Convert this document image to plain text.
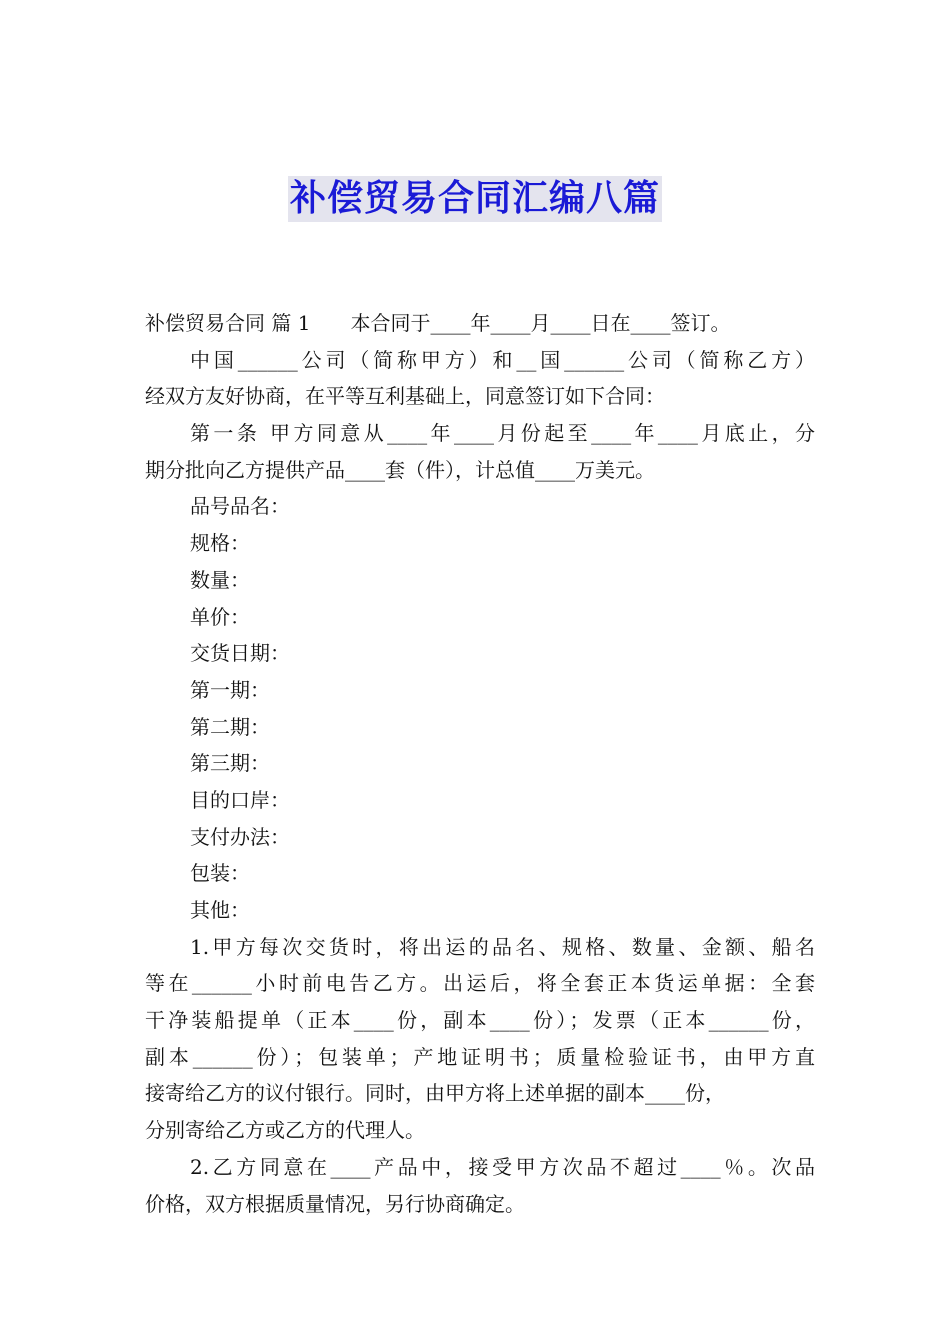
补偿贸易合同汇编八篇
补偿贸易合同 篇 1 本合同于____年____月____日在____签订。
中国______公司（简称甲方）和__国______公司（简称乙方）
经双方友好协商，在平等互利基础上，同意签订如下合同：
第一条 甲方同意从____年____月份起至____年____月底止，分
期分批向乙方提供产品____套（件），计总值____万美元。
品号品名：
规格：
数量：
单价：
交货日期：
第一期：
第二期：
第三期：
目的口岸：
支付办法：
包装：
其他：
1.甲方每次交货时，将出运的品名、规格、数量、金额、船名
等在______小时前电告乙方。出运后，将全套正本货运单据：全套
干净装船提单（正本____份，副本____份）；发票（正本______份，
副本______份）；包装单；产地证明书；质量检验证书，由甲方直
接寄给乙方的议付银行。同时，由甲方将上述单据的副本____份，
分别寄给乙方或乙方的代理人。
2.乙方同意在____产品中，接受甲方次品不超过____％。次品
价格，双方根据质量情况，另行协商确定。
